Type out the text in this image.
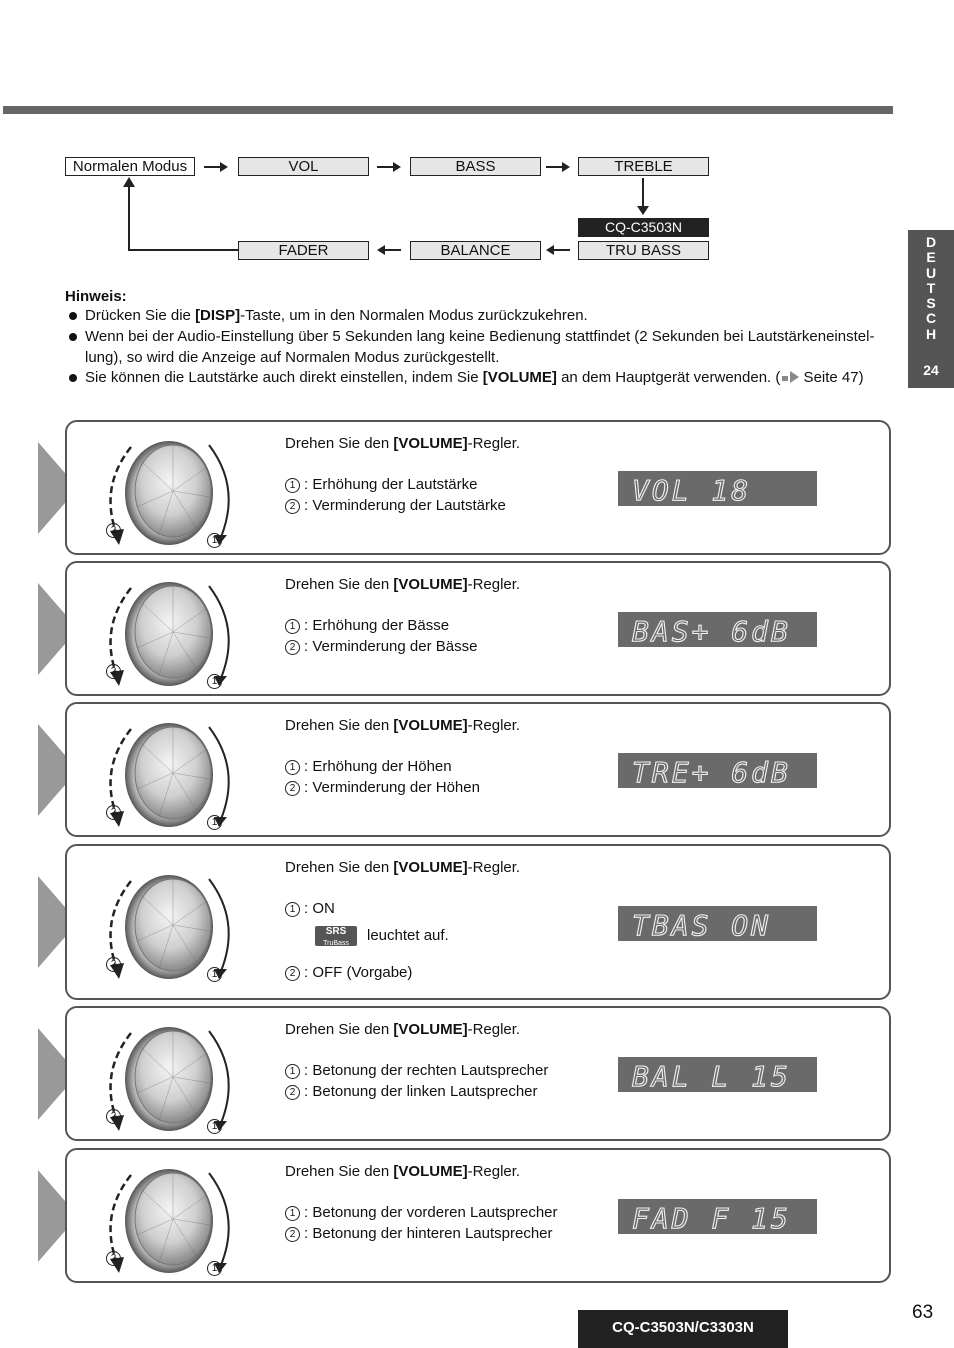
Normalen Modus	VOL	BASS	TREBLE
CQ-C3503N
TRU BASS
BALANCE
FADER	D
E
U
T
S
C
H
24
Hinweis:
Drücken Sie die [DISP]-Taste, um in den Normalen Modus zurückzukehren.
Wenn bei der Audio-Einstellung über 5 Sekunden lang keine Bedienung stattfindet (2 Sekunden bei Lautstärkeneinstel-lung), so wird die Anzeige auf Normalen Modus zurückgestellt.
Sie können die Lautstärke auch direkt einstellen, indem Sie [VOLUME] an dem Hauptgerät verwenden. ( Seite 47)
2
1
Drehen Sie den [VOLUME]-Regler.
1 : Erhöhung der Lautstärke
2 : Verminderung der Lautstärke	VOL 18
2
1
Drehen Sie den [VOLUME]-Regler.
1 : Erhöhung der Bässe
2 : Verminderung der Bässe	BAS+ 6dB
2
1
Drehen Sie den [VOLUME]-Regler.
1 : Erhöhung der Höhen
2 : Verminderung der Höhen	TRE+ 6dB
2
1
Drehen Sie den [VOLUME]-Regler.
1 : ON
SRS
TruBass leuchtet auf.
2 : OFF (Vorgabe)
TBAS ON
2
1
Drehen Sie den [VOLUME]-Regler.
1 : Betonung der rechten Lautsprecher
2 : Betonung der linken Lautsprecher	BAL L 15
2
1
Drehen Sie den [VOLUME]-Regler.
1 : Betonung der vorderen Lautsprecher
2 : Betonung der hinteren Lautsprecher	FAD F 15
CQ-C3503N/C3303N
63
